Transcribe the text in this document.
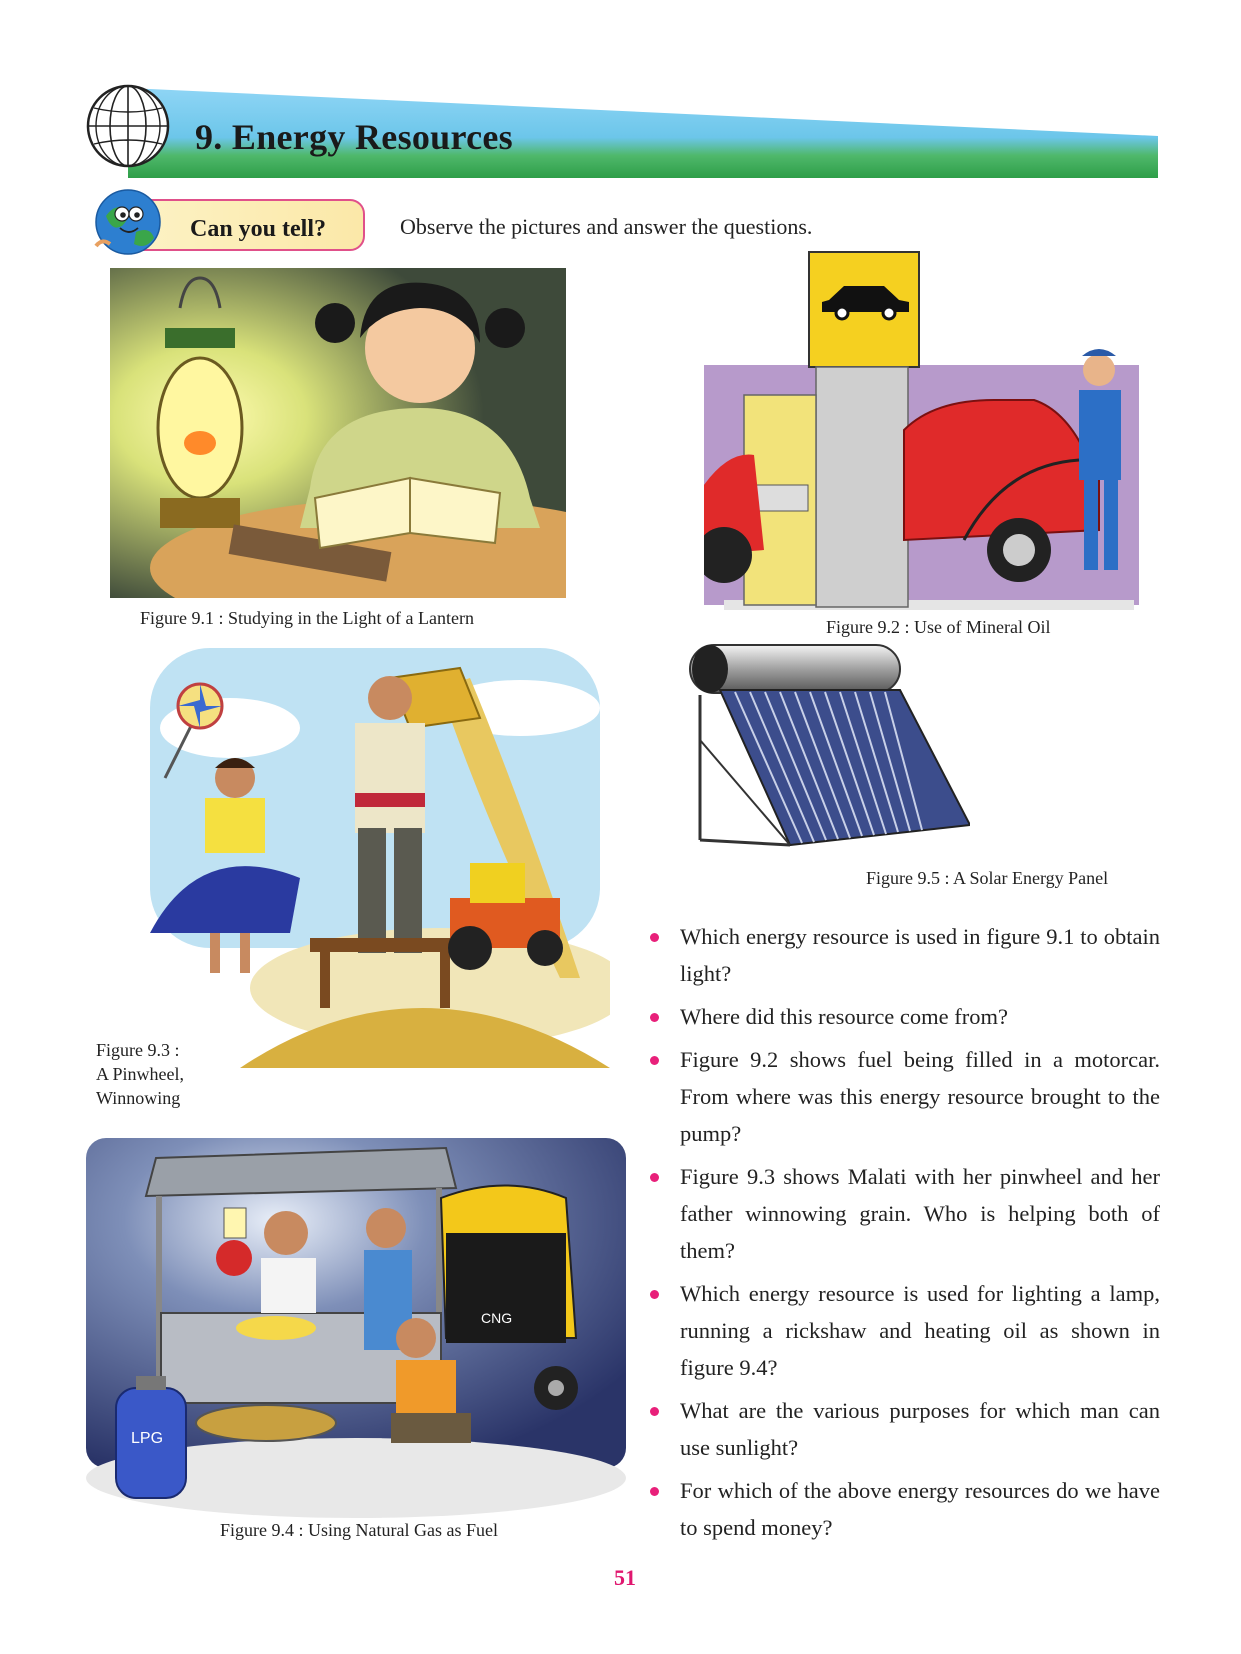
9. Energy Resources
Can you tell?	Observe the pictures and answer the questions.
Figure 9.1 : Studying in the Light of a Lantern	Figure 9.2 : Use of Mineral Oil
Figure 9.3 :
A Pinwheel,
Winnowing
Figure 9.5 : A Solar Energy Panel
LPG
CNG
Figure 9.4 : Using Natural Gas as Fuel
Which energy resource is used in figure 9.1 to obtain light?
Where did this resource come from?
Figure 9.2 shows fuel being filled in a motorcar. From where was this energy resource brought to the pump?
Figure 9.3 shows Malati with her pinwheel and her father winnowing grain. Who is helping both of them?
Which energy resource is used for lighting a lamp, running a rickshaw and heating oil as shown in figure 9.4?
What are the various purposes for which man can use sunlight?
For which of the above energy resources do we have to spend money?
51
